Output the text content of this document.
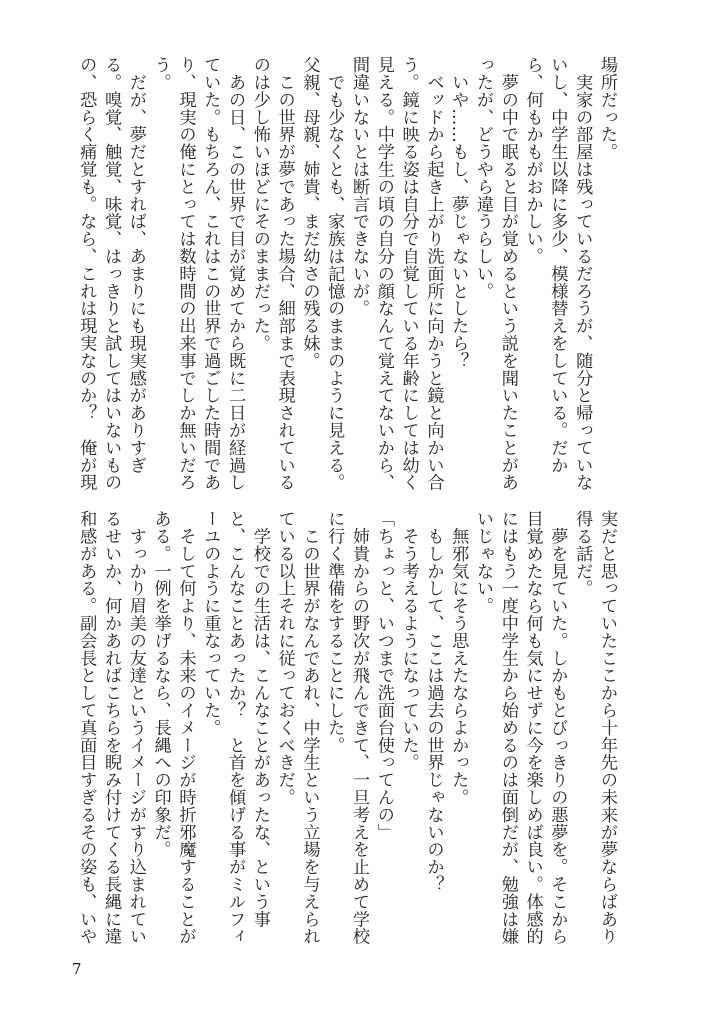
場所だった。
　実家の部屋は残っているだろうが、随分と帰っていな
いし、中学生以降に多少、模様替えをしている。だか
ら、何もかもがおかしい。
　夢の中で眠ると目が覚めるという説を聞いたことがあ
ったが、どうやら違うらしい。
　いや……もし、夢じゃないとしたら？
　ベッドから起き上がり洗面所に向かうと鏡と向かい合
う。鏡に映る姿は自分で自覚している年齢にしては幼く
見える。中学生の頃の自分の顔なんて覚えてないから、
間違いないとは断言できないが。
　でも少なくとも、家族は記憶のままのように見える。
父親、母親、姉貴、まだ幼さの残る妹。
　この世界が夢であった場合、細部まで表現されている
のは少し怖いほどにそのままだった。
　あの日、この世界で目が覚めてから既に二日が経過し
ていた。もちろん、これはこの世界で過ごした時間であ
り、現実の俺にとっては数時間の出来事でしか無いだろ
う。
　だが、夢だとすれば、あまりにも現実感がありすぎ
る。嗅覚、触覚、味覚、はっきりと試してはいないもの
の、恐らく痛覚も。なら、これは現実なのか？　俺が現
実だと思っていたここから十年先の未来が夢ならばあり
得る話だ。
　夢を見ていた。しかもとびっきりの悪夢を。そこから
目覚めたなら何も気にせずに今を楽しめば良い。体感的
にはもう一度中学生から始めるのは面倒だが、勉強は嫌
いじゃない。
　無邪気にそう思えたならよかった。
　もしかして、ここは過去の世界じゃないのか？
　そう考えるようになっていた。
「ちょっと、いつまで洗面台使ってんの」
　姉貴からの野次が飛んできて、一旦考えを止めて学校
に行く準備をすることにした。
　この世界がなんであれ、中学生という立場を与えられ
ている以上それに従っておくべきだ。
　学校での生活は、こんなことがあったな、という事
と、こんなことあったか？　と首を傾げる事がミルフィ
ーユのように重なっていた。
　そして何より、未来のイメージが時折邪魔することが
ある。一例を挙げるなら、長縄への印象だ。
　すっかり眉美の友達というイメージがすり込まれてい
るせいか、何かあればこちらを睨み付けてくる長縄に違
和感がある。副会長として真面目すぎるその姿も、いや
7
